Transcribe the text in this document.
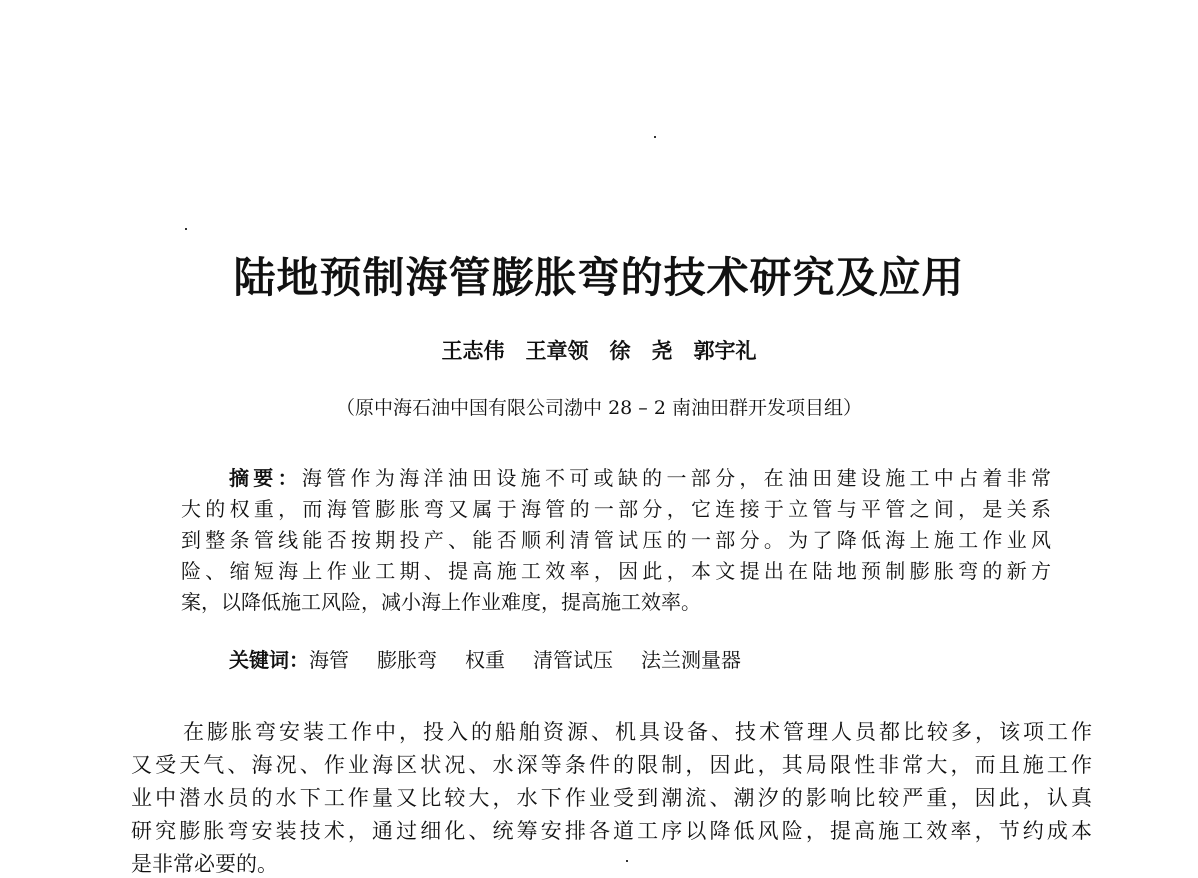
陆地预制海管膨胀弯的技术研究及应用

王志伟　王章领　徐　尧　郭宇礼

（原中海石油中国有限公司渤中 28 – 2 南油田群开发项目组）

摘要：海管作为海洋油田设施不可或缺的一部分，在油田建设施工中占着非常
大的权重，而海管膨胀弯又属于海管的一部分，它连接于立管与平管之间，是关系
到整条管线能否按期投产、能否顺利清管试压的一部分。为了降低海上施工作业风
险、缩短海上作业工期、提高施工效率，因此，本文提出在陆地预制膨胀弯的新方
案，以降低施工风险，减小海上作业难度，提高施工效率。
关键词：海管 膨胀弯 权重 清管试压 法兰测量器
在膨胀弯安装工作中，投入的船舶资源、机具设备、技术管理人员都比较多，该项工作
又受天气、海况、作业海区状况、水深等条件的限制，因此，其局限性非常大，而且施工作
业中潜水员的水下工作量又比较大，水下作业受到潮流、潮汐的影响比较严重，因此，认真
研究膨胀弯安装技术，通过细化、统筹安排各道工序以降低风险，提高施工效率，节约成本
是非常必要的。
